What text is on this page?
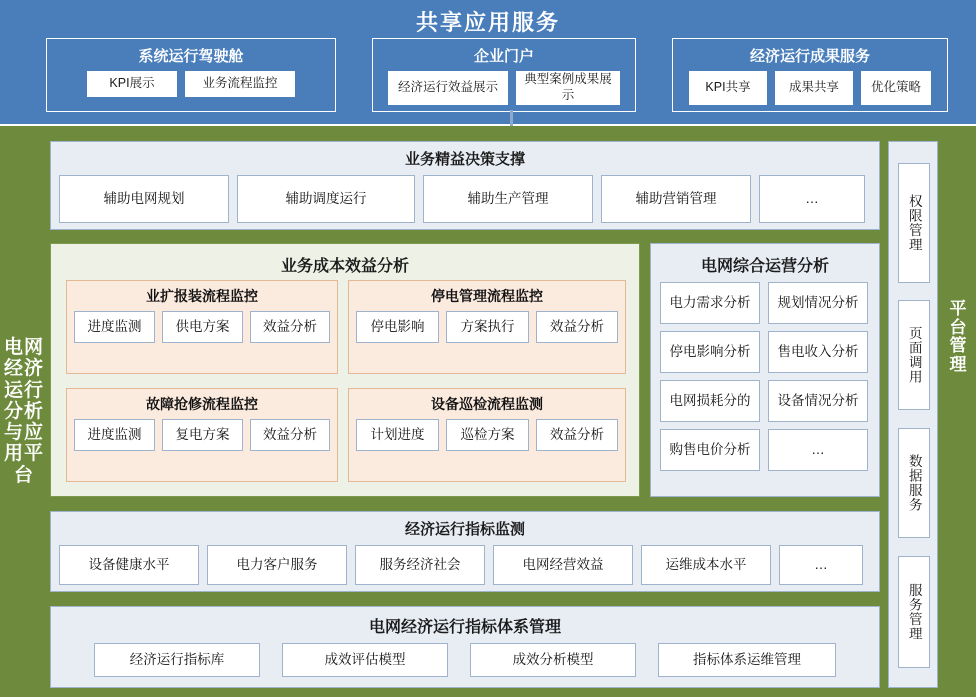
共享应用服务
系统运行驾驶舱
KPI展示	业务流程监控
企业门户
经济运行效益展示
典型案例成果展示
经济运行成果服务
KPI共享	成果共享	优化策略
电网经济运行分析与应用平台
平台管理
业务精益决策支撑
辅助电网规划	辅助调度运行	辅助生产管理	辅助营销管理	…
业务成本效益分析
业扩报装流程监控
进度监测	供电方案	效益分析
停电管理流程监控
停电影响	方案执行	效益分析
故障抢修流程监控
进度监测	复电方案	效益分析
设备巡检流程监测
计划进度	巡检方案	效益分析
电网综合运营分析
电力需求分析	规划情况分析
停电影响分析	售电收入分析
电网损耗分的	设备情况分析
购售电价分析	…
经济运行指标监测
设备健康水平	电力客户服务	服务经济社会	电网经营效益	运维成本水平	…
电网经济运行指标体系管理
经济运行指标库	成效评估模型	成效分析模型	指标体系运维管理
权限管理
页面调用
数据服务
服务管理
